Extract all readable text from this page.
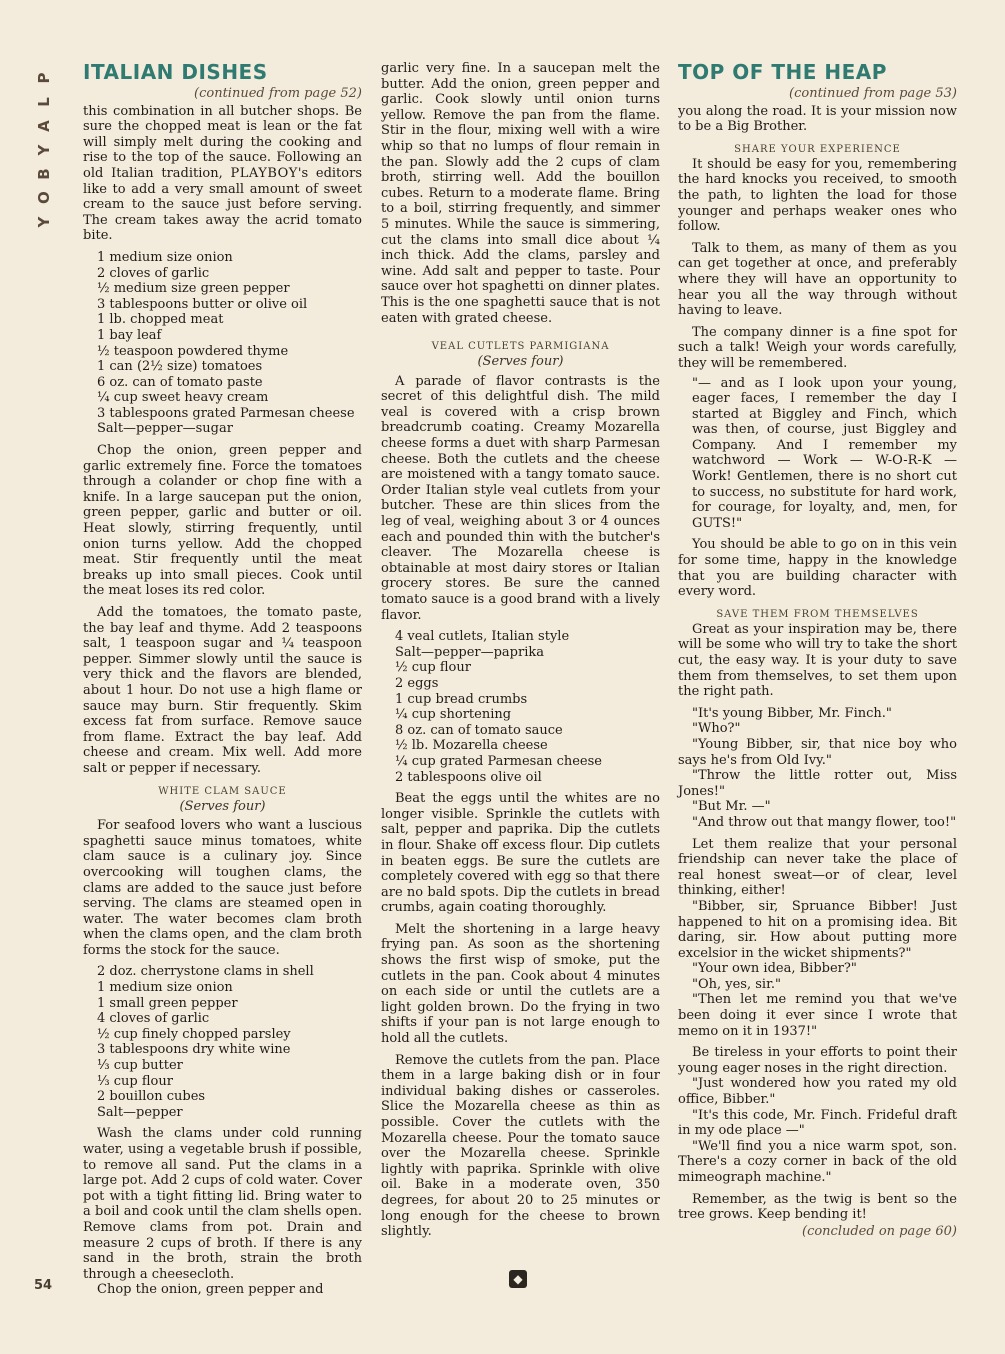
P
L
A
Y
B
O
Y
ITALIAN DISHES
(continued from page 52)

this combination in all butcher shops. Be sure the chopped meat is lean or the fat will simply melt during the cooking and rise to the top of the sauce. Following an old Italian tradition, PLAYBOY's editors like to add a very small amount of sweet cream to the sauce just before serving. The cream takes away the acrid tomato bite.

1 medium size onion
2 cloves of garlic
½ medium size green pepper
3 tablespoons butter or olive oil
1 lb. chopped meat
1 bay leaf
½ teaspoon powdered thyme
1 can (2½ size) tomatoes
6 oz. can of tomato paste
¼ cup sweet heavy cream
3 tablespoons grated Parmesan cheese
Salt—pepper—sugar

Chop the onion, green pepper and garlic extremely fine. Force the tomatoes through a colander or chop fine with a knife. In a large saucepan put the onion, green pepper, garlic and butter or oil. Heat slowly, stirring frequently, until onion turns yellow. Add the chopped meat. Stir frequently until the meat breaks up into small pieces. Cook until the meat loses its red color.

Add the tomatoes, the tomato paste, the bay leaf and thyme. Add 2 teaspoons salt, 1 teaspoon sugar and ¼ teaspoon pepper. Simmer slowly until the sauce is very thick and the flavors are blended, about 1 hour. Do not use a high flame or sauce may burn. Stir frequently. Skim excess fat from surface. Remove sauce from flame. Extract the bay leaf. Add cheese and cream. Mix well. Add more salt or pepper if necessary.

WHITE CLAM SAUCE
(Serves four)

For seafood lovers who want a luscious spaghetti sauce minus tomatoes, white clam sauce is a culinary joy. Since overcooking will toughen clams, the clams are added to the sauce just before serving. The clams are steamed open in water. The water becomes clam broth when the clams open, and the clam broth forms the stock for the sauce.

2 doz. cherrystone clams in shell
1 medium size onion
1 small green pepper
4 cloves of garlic
½ cup finely chopped parsley
3 tablespoons dry white wine
⅓ cup butter
⅓ cup flour
2 bouillon cubes
Salt—pepper

Wash the clams under cold running water, using a vegetable brush if possible, to remove all sand. Put the clams in a large pot. Add 2 cups of cold water. Cover pot with a tight fitting lid. Bring water to a boil and cook until the clam shells open. Remove clams from pot. Drain and measure 2 cups of broth. If there is any sand in the broth, strain the broth through a cheesecloth.

Chop the onion, green pepper and

garlic very fine. In a saucepan melt the butter. Add the onion, green pepper and garlic. Cook slowly until onion turns yellow. Remove the pan from the flame. Stir in the flour, mixing well with a wire whip so that no lumps of flour remain in the pan. Slowly add the 2 cups of clam broth, stirring well. Add the bouillon cubes. Return to a moderate flame. Bring to a boil, stirring frequently, and simmer 5 minutes. While the sauce is simmering, cut the clams into small dice about ¼ inch thick. Add the clams, parsley and wine. Add salt and pepper to taste. Pour sauce over hot spaghetti on dinner plates. This is the one spaghetti sauce that is not eaten with grated cheese.

VEAL CUTLETS PARMIGIANA
(Serves four)

A parade of flavor contrasts is the secret of this delightful dish. The mild veal is covered with a crisp brown breadcrumb coating. Creamy Mozarella cheese forms a duet with sharp Parmesan cheese. Both the cutlets and the cheese are moistened with a tangy tomato sauce. Order Italian style veal cutlets from your butcher. These are thin slices from the leg of veal, weighing about 3 or 4 ounces each and pounded thin with the butcher's cleaver. The Mozarella cheese is obtainable at most dairy stores or Italian grocery stores. Be sure the canned tomato sauce is a good brand with a lively flavor.

4 veal cutlets, Italian style
Salt—pepper—paprika
½ cup flour
2 eggs
1 cup bread crumbs
¼ cup shortening
8 oz. can of tomato sauce
½ lb. Mozarella cheese
¼ cup grated Parmesan cheese
2 tablespoons olive oil

Beat the eggs until the whites are no longer visible. Sprinkle the cutlets with salt, pepper and paprika. Dip the cutlets in flour. Shake off excess flour. Dip cutlets in beaten eggs. Be sure the cutlets are completely covered with egg so that there are no bald spots. Dip the cutlets in bread crumbs, again coating thoroughly.

Melt the shortening in a large heavy frying pan. As soon as the shortening shows the first wisp of smoke, put the cutlets in the pan. Cook about 4 minutes on each side or until the cutlets are a light golden brown. Do the frying in two shifts if your pan is not large enough to hold all the cutlets.

Remove the cutlets from the pan. Place them in a large baking dish or in four individual baking dishes or casseroles. Slice the Mozarella cheese as thin as possible. Cover the cutlets with the Mozarella cheese. Pour the tomato sauce over the Mozarella cheese. Sprinkle lightly with paprika. Sprinkle with olive oil. Bake in a moderate oven, 350 degrees, for about 20 to 25 minutes or long enough for the cheese to brown slightly.

TOP OF THE HEAP
(continued from page 53)

you along the road. It is your mission now to be a Big Brother.

SHARE YOUR EXPERIENCE

It should be easy for you, remembering the hard knocks you received, to smooth the path, to lighten the load for those younger and perhaps weaker ones who follow.

Talk to them, as many of them as you can get together at once, and preferably where they will have an opportunity to hear you all the way through without having to leave.

The company dinner is a fine spot for such a talk! Weigh your words carefully, they will be remembered.

"— and as I look upon your young, eager faces, I remember the day I started at Biggley and Finch, which was then, of course, just Biggley and Company. And I remember my watchword — Work — W-O-R-K — Work! Gentlemen, there is no short cut to success, no substitute for hard work, for courage, for loyalty, and, men, for GUTS!"

You should be able to go on in this vein for some time, happy in the knowledge that you are building character with every word.

SAVE THEM FROM THEMSELVES

Great as your inspiration may be, there will be some who will try to take the short cut, the easy way. It is your duty to save them from themselves, to set them upon the right path.

"It's young Bibber, Mr. Finch."

"Who?"

"Young Bibber, sir, that nice boy who says he's from Old Ivy."

"Throw the little rotter out, Miss Jones!"

"But Mr. —"

"And throw out that mangy flower, too!"

Let them realize that your personal friendship can never take the place of real honest sweat—or of clear, level thinking, either!

"Bibber, sir, Spruance Bibber! Just happened to hit on a promising idea. Bit daring, sir. How about putting more excelsior in the wicket shipments?"

"Your own idea, Bibber?"

"Oh, yes, sir."

"Then let me remind you that we've been doing it ever since I wrote that memo on it in 1937!"

Be tireless in your efforts to point their young eager noses in the right direction.

"Just wondered how you rated my old office, Bibber."

"It's this code, Mr. Finch. Frideful draft in my ode place —"

"We'll find you a nice warm spot, son. There's a cozy corner in back of the old mimeograph machine."

Remember, as the twig is bent so the tree grows. Keep bending it!

(concluded on page 60)
54	◆
